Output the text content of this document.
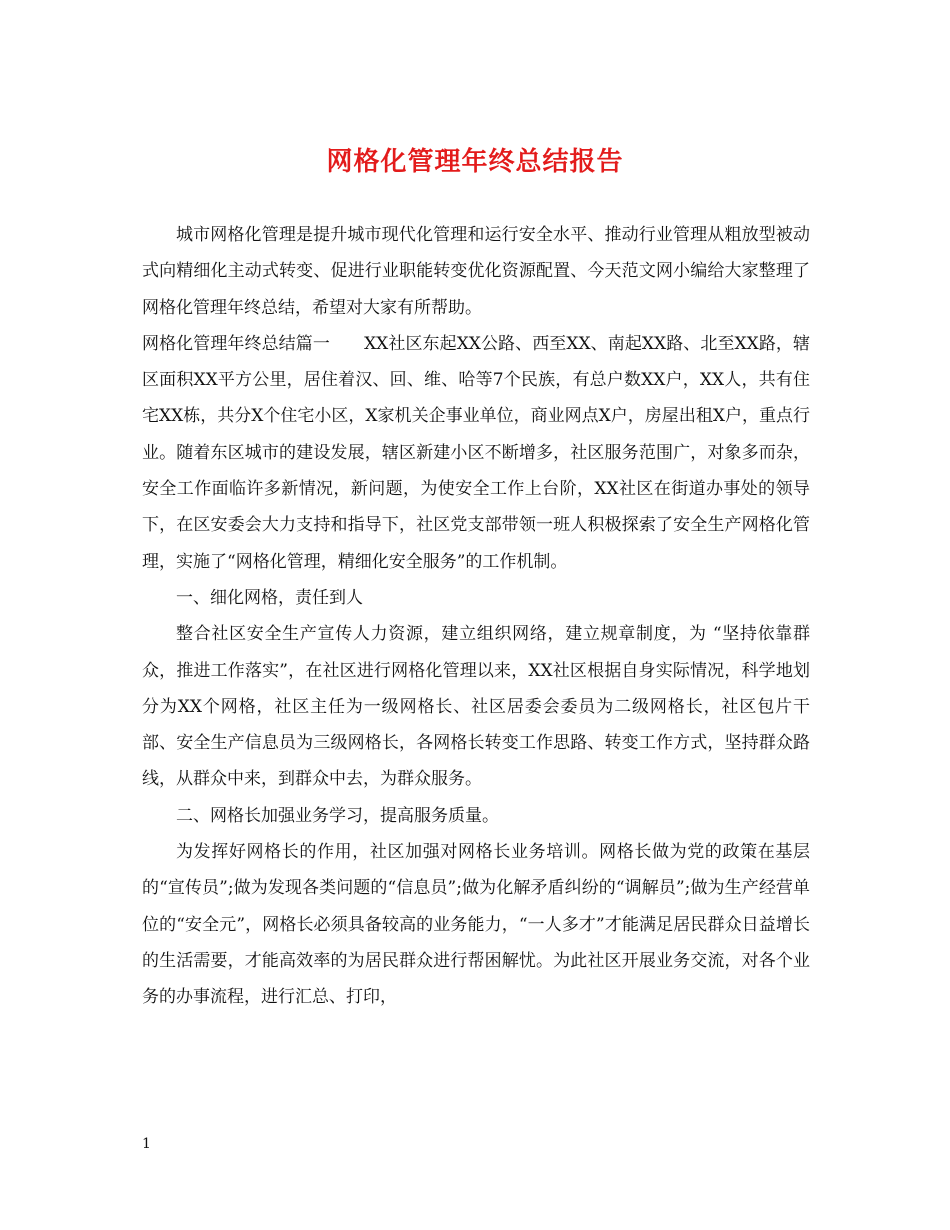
网格化管理年终总结报告

城市网格化管理是提升城市现代化管理和运行安全水平、推动行业管理从粗放型被动式向精细化主动式转变、促进行业职能转变优化资源配置、今天范文网小编给大家整理了网格化管理年终总结，希望对大家有所帮助。

网格化管理年终总结篇一　　XX社区东起XX公路、西至XX、南起XX路、北至XX路，辖区面积XX平方公里，居住着汉、回、维、哈等7个民族，有总户数XX户，XX人，共有住宅XX栋，共分X个住宅小区，X家机关企事业单位，商业网点X户，房屋出租X户，重点行业。随着东区城市的建设发展，辖区新建小区不断增多，社区服务范围广，对象多而杂，安全工作面临许多新情况，新问题，为使安全工作上台阶，XX社区在街道办事处的领导下，在区安委会大力支持和指导下，社区党支部带领一班人积极探索了安全生产网格化管理，实施了“网格化管理，精细化安全服务”的工作机制。

一、细化网格，责任到人

整合社区安全生产宣传人力资源，建立组织网络，建立规章制度，为 “坚持依靠群众，推进工作落实”，在社区进行网格化管理以来，XX社区根据自身实际情况，科学地划分为XX个网格，社区主任为一级网格长、社区居委会委员为二级网格长，社区包片干部、安全生产信息员为三级网格长，各网格长转变工作思路、转变工作方式，坚持群众路线，从群众中来，到群众中去，为群众服务。

二、网格长加强业务学习，提高服务质量。

为发挥好网格长的作用，社区加强对网格长业务培训。网格长做为党的政策在基层的“宣传员”;做为发现各类问题的“信息员”;做为化解矛盾纠纷的“调解员”;做为生产经营单位的“安全元”，网格长必须具备较高的业务能力，“一人多才”才能满足居民群众日益增长的生活需要，才能高效率的为居民群众进行帮困解忧。为此社区开展业务交流，对各个业务的办事流程，进行汇总、打印，

1
